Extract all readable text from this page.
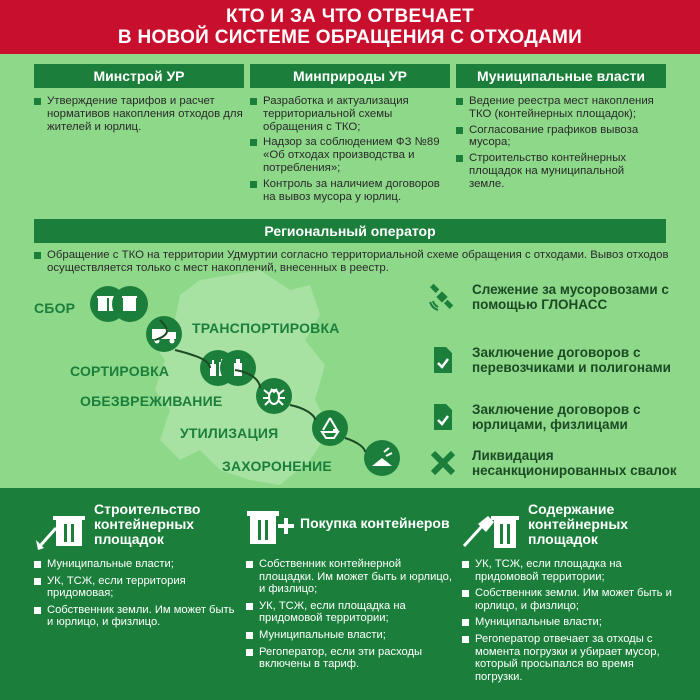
КТО И ЗА ЧТО ОТВЕЧАЕТ
В НОВОЙ СИСТЕМЕ ОБРАЩЕНИЯ С ОТХОДАМИ
Минстрой УР	Минприроды УР	Муниципальные власти
Утверждение тарифов и расчет нормативов накопления отходов для жителей и юрлиц.
Разработка и актуализация территориальной схемы обращения с ТКО;
Надзор за соблюдением ФЗ №89 «Об отходах производства и потребления»;
Контроль за наличием договоров на вывоз мусора у юрлиц.
Ведение реестра мест накопления ТКО (контейнерных площадок);
Согласование графиков вывоза мусора;
Строительство контейнерных площадок на муниципальной земле.
Региональный оператор
Обращение с ТКО на территории Удмуртии согласно территориальной схеме обращения с отходами. Вывоз отходов осуществляется только с мест накоплений, внесенных в реестр.
СБОР
ТРАНСПОРТИРОВКА
СОРТИРОВКА
ОБЕЗВРЕЖИВАНИЕ
УТИЛИЗАЦИЯ
ЗАХОРОНЕНИЕ
Слежение за мусоровозами с помощью ГЛОНАСС
Заключение договоров с перевозчиками и полигонами
Заключение договоров с юрлицами, физлицами
Ликвидация несанкционированных свалок
Строительство контейнерных площадок
Муниципальные власти;
УК, ТСЖ, если территория придомовая;
Собственник земли. Им может быть и юрлицо, и физлицо.
Покупка контейнеров
Собственник контейнерной площадки. Им может быть и юрлицо, и физлицо;
УК, ТСЖ, если площадка на придомовой территории;
Муниципальные власти;
Регоператор, если эти расходы включены в тариф.
Содержание контейнерных площадок
УК, ТСЖ, если площадка на придомовой территории;
Собственник земли. Им может быть и юрлицо, и физлицо;
Муниципальные власти;
Регоператор отвечает за отходы с момента погрузки и убирает мусор, который просыпался во время погрузки.
